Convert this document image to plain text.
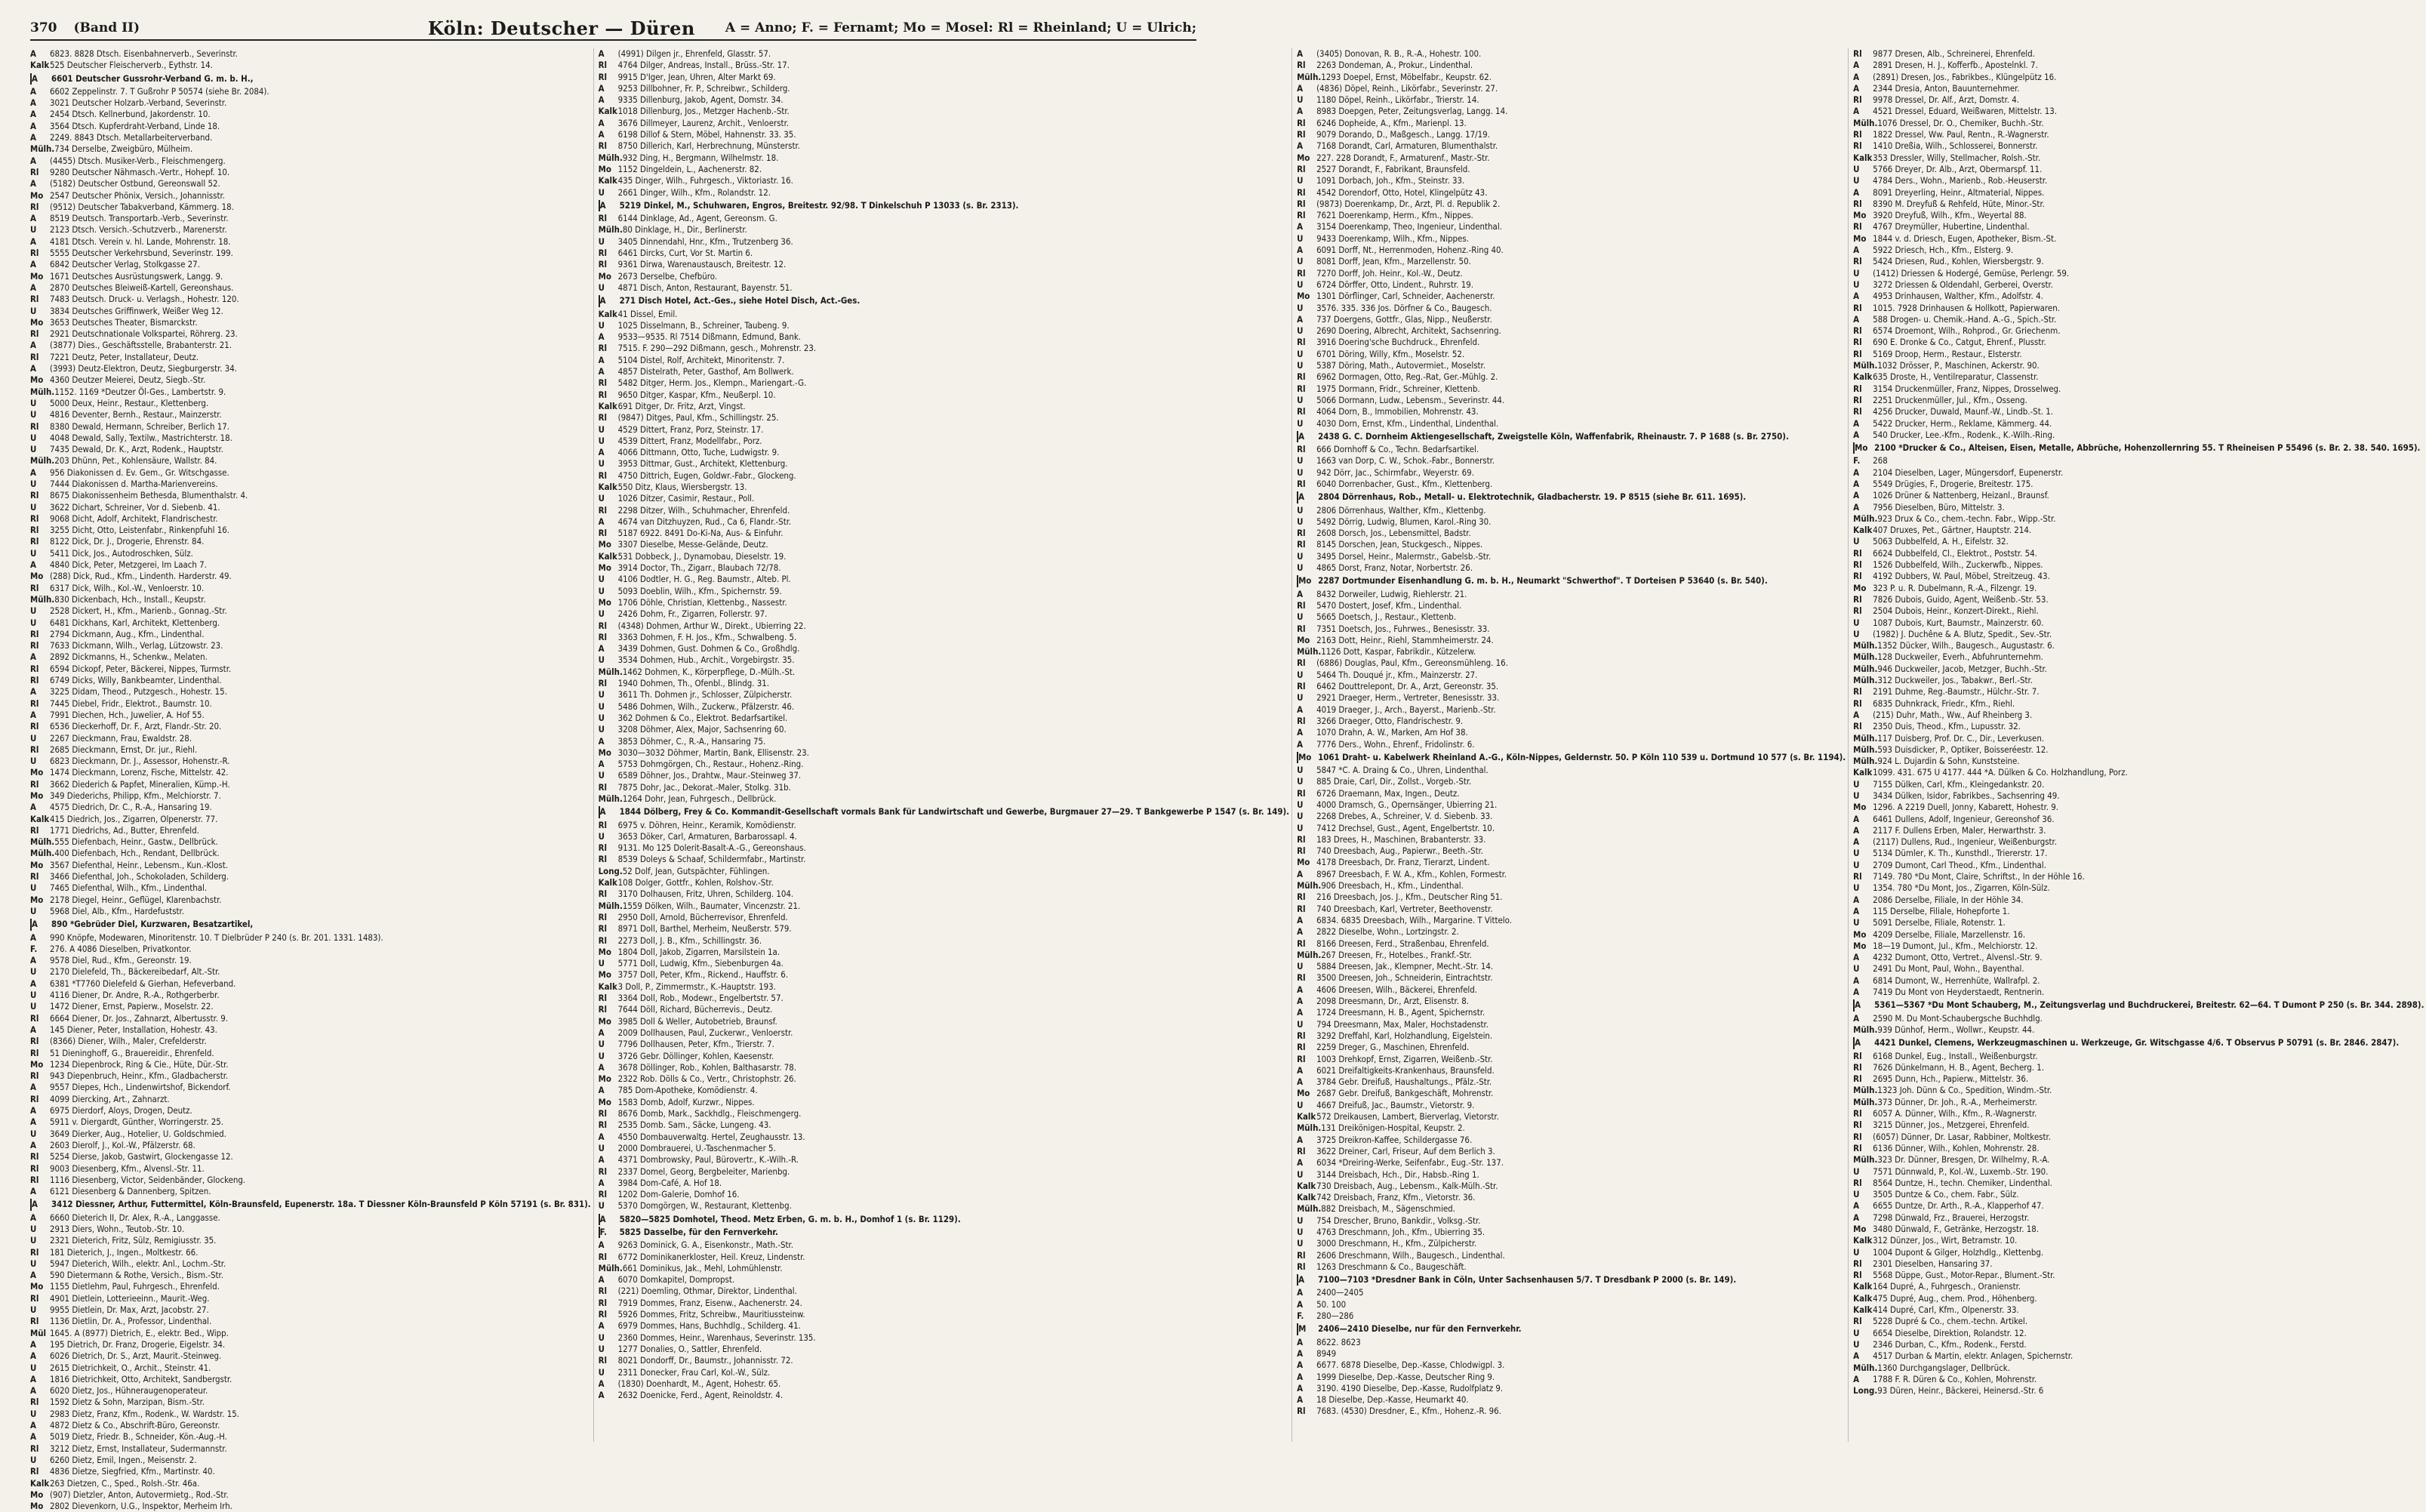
370 (Band II)	Köln: Deutscher — Düren A = Anno; F. = Fernamt; Mo = Mosel: Rl = Rheinland; U = Ulrich;
A	6823. 8828 Dtsch. Eisenbahnerverb., Severinstr.
Kalk 525 Deutscher Fleischerverb., Eythstr. 14.
A	6601 Deutscher Gussrohr-Verband G. m. b. H.,
A	6602 Zeppelinstr. 7. T Gußrohr P 50574 (siehe Br. 2084).
A	3021 Deutscher Holzarb.-Verband, Severinstr.
A	2454 Dtsch. Kellnerbund, Jakordenstr. 10.
A	3564 Dtsch. Kupferdraht-Verband, Linde 18.
A	2249. 8843 Dtsch. Metallarbeiterverband.
Mülh. 734 Derselbe, Zweigbüro, Mülheim.
A	(4455) Dtsch. Musiker-Verb., Fleischmengerg.
Rl	9280 Deutscher Nähmasch.-Vertr., Hohepf. 10.
A	(5182) Deutscher Ostbund, Gereonswall 52.
Mo 2547 Deutscher Phönix, Versich., Johannisstr.
Rl	(9512) Deutscher Tabakverband, Kämmerg. 18.
A	8519 Deutsch. Transportarb.-Verb., Severinstr.
U	2123 Dtsch. Versich.-Schutzverb., Marenerstr.
A	4181 Dtsch. Verein v. hl. Lande, Mohrenstr. 18.
Rl	5555 Deutscher Verkehrsbund, Severinstr. 199.
A	6842 Deutscher Verlag, Stolkgasse 27.
Mo 1671 Deutsches Ausrüstungswerk, Langg. 9.
A	2870 Deutsches Bleiweiß-Kartell, Gereonshaus.
Rl	7483 Deutsch. Druck- u. Verlagsh., Hohestr. 120.
U	3834 Deutsches Griffinwerk, Weißer Weg 12.
Mo 3653 Deutsches Theater, Bismarckstr.
Rl	2921 Deutschnationale Volkspartei, Röhrerg. 23.
A	(3877) Dies., Geschäftsstelle, Brabanterstr. 21.
Rl	7221 Deutz, Peter, Installateur, Deutz.
A	(3993) Deutz-Elektron, Deutz, Siegburgerstr. 34.
Mo 4360 Deutzer Meierei, Deutz, Siegb.-Str.
Mülh. 1152. 1169 *Deutzer Öl-Ges., Lambertstr. 9.
U	5000 Deux, Heinr., Restaur., Klettenberg.
U	4816 Deventer, Bernh., Restaur., Mainzerstr.
Rl	8380 Dewald, Hermann, Schreiber, Berlich 17.
U	4048 Dewald, Sally, Textilw., Mastrichterstr. 18.
U	7435 Dewald, Dr. K., Arzt, Rodenk., Hauptstr.
Mülh. 203 Dhünn, Pet., Kohlensäure, Wallstr. 84.
A	956 Diakonissen d. Ev. Gem., Gr. Witschgasse.
U	7444 Diakonissen d. Martha-Marienvereins.
Rl	8675 Diakonissenheim Bethesda, Blumenthalstr. 4.
U	3622 Dichart, Schreiner, Vor d. Siebenb. 41.
Rl	9068 Dicht, Adolf, Architekt, Flandrischestr.
Rl	3255 Dicht, Otto, Leistenfabr., Rinkenpfuhl 16.
Rl	8122 Dick, Dr. J., Drogerie, Ehrenstr. 84.
U	5411 Dick, Jos., Autodroschken, Sülz.
A	4840 Dick, Peter, Metzgerei, Im Laach 7.
Mo (288) Dick, Rud., Kfm., Lindenth. Harderstr. 49.
Rl	6317 Dick, Wilh., Kol.-W., Venloerstr. 10.
Mülh. 830 Dickenbach, Hch., Install., Keupstr.
U	2528 Dickert, H., Kfm., Marienb., Gonnag.-Str.
U	6481 Dickhans, Karl, Architekt, Klettenberg.
Rl	2794 Dickmann, Aug., Kfm., Lindenthal.
Rl	7633 Dickmann, Wilh., Verlag, Lützowstr. 23.
A	2892 Dickmanns, H., Schenkw., Melaten.
Rl	6594 Dickopf, Peter, Bäckerei, Nippes, Turmstr.
Rl	6749 Dicks, Willy, Bankbeamter, Lindenthal.
A	3225 Didam, Theod., Putzgesch., Hohestr. 15.
Rl	7445 Diebel, Fridr., Elektrot., Baumstr. 10.
A	7991 Diechen, Hch., Juwelier, A. Hof 55.
Rl	6536 Dieckerhoff, Dr. F., Arzt, Flandr.-Str. 20.
U	2267 Dieckmann, Frau, Ewaldstr. 28.
Rl	2685 Dieckmann, Ernst, Dr. jur., Riehl.
U	6823 Dieckmann, Dr. J., Assessor, Hohenstr.-R.
Mo 1474 Dieckmann, Lorenz, Fische, Mittelstr. 42.
Rl	3662 Diederich & Papfet, Mineralien, Kümp.-H.
Mo 349 Diederichs, Philipp, Kfm., Melchiorstr. 7.
A	4575 Diedrich, Dr. C., R.-A., Hansaring 19.
Kalk 415 Diedrich, Jos., Zigarren, Olpenerstr. 77.
Rl	1771 Diedrichs, Ad., Butter, Ehrenfeld.
Mülh. 555 Diefenbach, Heinr., Gastw., Dellbrück.
Mülh. 400 Diefenbach, Hch., Rendant, Dellbrück.
Mo 3567 Diefenthal, Heinr., Lebensm., Kun.-Klost.
Rl	3466 Diefenthal, Joh., Schokoladen, Schilderg.
U	7465 Diefenthal, Wilh., Kfm., Lindenthal.
Mo 2178 Diegel, Heinr., Geflügel, Klarenbachstr.
U	5968 Diel, Alb., Kfm., Hardefuststr.
A	890 *Gebrüder Diel, Kurzwaren, Besatzartikel,
A	990 Knöpfe, Modewaren, Minoritenstr. 10. T Dielbrüder P 240 (s. Br. 201. 1331. 1483).
F.	276. A 4086 Dieselben, Privatkontor.
A	9578 Diel, Rud., Kfm., Gereonstr. 19.
U	2170 Dielefeld, Th., Bäckereibedarf, Alt.-Str.
A	6381 *T7760 Dielefeld & Gierhan, Hefeverband.
U	4116 Diener, Dr. Andre, R.-A., Rothgerberbr.
U	1472 Diener, Ernst, Papierw., Moselstr. 22.
Rl	6664 Diener, Dr. Jos., Zahnarzt, Albertusstr. 9.
A	145 Diener, Peter, Installation, Hohestr. 43.
Rl	(8366) Diener, Wilh., Maler, Crefelderstr.
Rl	51 Dieninghoff, G., Brauereidir., Ehrenfeld.
Mo 1234 Diepenbrock, Ring & Cie., Hüte, Dür.-Str.
Rl	943 Diepenbruch, Heinr., Kfm., Gladbacherstr.
A	9557 Diepes, Hch., Lindenwirtshof, Bickendorf.
Rl	4099 Diercking, Art., Zahnarzt.
A	6975 Dierdorf, Aloys, Drogen, Deutz.
A	5911 v. Diergardt, Günther, Worringerstr. 25.
U	3649 Dierker, Aug., Hotelier, U. Goldschmied.
A	2603 Dierolf, J., Kol.-W., Pfälzerstr. 68.
Rl	5254 Dierse, Jakob, Gastwirt, Glockengasse 12.
Rl	9003 Diesenberg, Kfm., Alvensl.-Str. 11.
Rl	1116 Diesenberg, Victor, Seidenbänder, Glockeng.
A	6121 Diesenberg & Dannenberg, Spitzen.
A	3412 Diessner, Arthur, Futtermittel, Köln-Braunsfeld, Eupenerstr. 18a. T Diessner Köln-Braunsfeld P Köln 57191 (s. Br. 831).
A	6660 Dieterich II, Dr. Alex, R.-A., Langgasse.
U	2913 Diers, Wohn., Teutob.-Str. 10.
U	2321 Dieterich, Fritz, Sülz, Remigiusstr. 35.
Rl	181 Dieterich, J., Ingen., Moltkestr. 66.
U	5947 Dieterich, Wilh., elektr. Anl., Lochm.-Str.
A	590 Dietermann & Rothe, Versich., Bism.-Str.
Mo 1155 Dietlehm, Paul, Fuhrgesch., Ehrenfeld.
Rl	4901 Dietlein, Lotterieeinn., Maurit.-Weg.
U	9955 Dietlein, Dr. Max, Arzt, Jacobstr. 27.
Rl	1136 Dietlin, Dr. A., Professor, Lindenthal.
Mül 1645. A (8977) Dietrich, E., elektr. Bed., Wipp.
A	195 Dietrich, Dr. Franz, Drogerie, Eigelstr. 34.
A	6026 Dietrich, Dr. S., Arzt, Maurit.-Steinweg.
U	2615 Dietrichkeit, O., Archit., Steinstr. 41.
A	1816 Dietrichkeit, Otto, Architekt, Sandbergstr.
A	6020 Dietz, Jos., Hühneraugenoperateur.
Rl	1592 Dietz & Sohn, Marzipan, Bism.-Str.
U	2983 Dietz, Franz, Kfm., Rodenk., W. Wardstr. 15.
A	4872 Dietz & Co., Abschrift-Büro, Gereonstr.
A	5019 Dietz, Friedr. B., Schneider, Kön.-Aug.-H.
Rl	3212 Dietz, Ernst, Installateur, Sudermannstr.
U	6260 Dietz, Emil, Ingen., Meisenstr. 2.
Rl	4836 Dietze, Siegfried, Kfm., Martinstr. 40.
Kalk 263 Dietzen, C., Sped., Rolsh.-Str. 46a.
Mo (907) Dietzler, Anton, Autovermietg., Rod.-Str.
Mo 2802 Dievenkorn, U.G., Inspektor, Merheim Irh.
A	(4991) Dilgen jr., Ehrenfeld, Glasstr. 57.
Rl	4764 Dilger, Andreas, Install., Brüss.-Str. 17.
Rl	9915 D'Iger, Jean, Uhren, Alter Markt 69.
A	9253 Dillbohner, Fr. P., Schreibwr., Schilderg.
A	9335 Dillenburg, Jakob, Agent, Domstr. 34.
Kalk 1018 Dillenburg, Jos., Metzger Hachenb.-Str.
A	3676 Dillmeyer, Laurenz, Archit., Venloerstr.
A	6198 Dillof & Stern, Möbel, Hahnenstr. 33. 35.
Rl	8750 Dillerich, Karl, Herbrechnung, Münsterstr.
Mülh. 932 Ding, H., Bergmann, Wilhelmstr. 18.
Mo 1152 Dingeldein, L., Aachenerstr. 82.
Kalk 435 Dinger, Wilh., Fuhrgesch., Viktoriastr. 16.
U	2661 Dinger, Wilh., Kfm., Rolandstr. 12.
A	5219 Dinkel, M., Schuhwaren, Engros, Breitestr. 92/98. T Dinkelschuh P 13033 (s. Br. 2313).
Rl	6144 Dinklage, Ad., Agent, Gereonsm. G.
Mülh. 80 Dinklage, H., Dir., Berlinerstr.
U	3405 Dinnendahl, Hnr., Kfm., Trutzenberg 36.
Rl	6461 Dircks, Curt, Vor St. Martin 6.
Rl	9361 Dirwa, Warenaustausch, Breitestr. 12.
Mo 2673 Derselbe, Chefbüro.
U	4871 Disch, Anton, Restaurant, Bayenstr. 51.
A	271 Disch Hotel, Act.-Ges., siehe Hotel Disch, Act.-Ges.
Kalk 41 Dissel, Emil.
U	1025 Disselmann, B., Schreiner, Taubeng. 9.
A	9533—9535. Rl 7514 Dißmann, Edmund, Bank.
Rl	7515. F. 290—292 Dißmann, gesch., Mohrenstr. 23.
A	5104 Distel, Rolf, Architekt, Minoritenstr. 7.
A	4857 Distelrath, Peter, Gasthof, Am Bollwerk.
Rl	5482 Ditger, Herm. Jos., Klempn., Mariengart.-G.
Rl	9650 Ditger, Kaspar, Kfm., Neußerpl. 10.
Kalk 691 Ditger, Dr. Fritz, Arzt, Vingst.
Rl	(9847) Ditges, Paul, Kfm., Schillingstr. 25.
U	4529 Dittert, Franz, Porz, Steinstr. 17.
U	4539 Dittert, Franz, Modellfabr., Porz.
A	4066 Dittmann, Otto, Tuche, Ludwigstr. 9.
U	3953 Dittmar, Gust., Architekt, Klettenburg.
Rl	4750 Dittrich, Eugen, Goldwr.-Fabr., Glockeng.
Kalk 550 Ditz, Klaus, Wiersbergstr. 13.
U	1026 Ditzer, Casimir, Restaur., Poll.
Rl	2298 Ditzer, Wilh., Schuhmacher, Ehrenfeld.
A	4674 van Ditzhuyzen, Rud., Ca 6, Flandr.-Str.
Rl	5187 6922. 8491 Do-Ki-Na, Aus- & Einfuhr.
Mo 3307 Dieselbe, Messe-Gelände, Deutz.
Kalk 531 Dobbeck, J., Dynamobau, Dieselstr. 19.
Mo 3914 Doctor, Th., Zigarr., Blaubach 72/78.
U	4106 Dodtler, H. G., Reg. Baumstr., Alteb. Pl.
U	5093 Doeblin, Wilh., Kfm., Spichernstr. 59.
Mo 1706 Döhle, Christian, Klettenbg., Nassestr.
U	2426 Dohm, Fr., Zigarren, Follerstr. 97.
Rl	(4348) Dohmen, Arthur W., Direkt., Ubierring 22.
Rl	3363 Dohmen, F. H. Jos., Kfm., Schwalbeng. 5.
A	3439 Dohmen, Gust. Dohmen & Co., Großhdlg.
U	3534 Dohmen, Hub., Archit., Vorgebirgstr. 35.
Mülh. 1462 Dohmen, K., Körperpflege, D.-Mülh.-St.
Rl	1940 Dohmen, Th., Ofenbl., Blindg. 31.
U	3611 Th. Dohmen jr., Schlosser, Zülpicherstr.
U	5486 Dohmen, Wilh., Zuckerw., Pfälzerstr. 46.
U	362 Dohmen & Co., Elektrot. Bedarfsartikel.
U	3208 Döhmer, Alex, Major, Sachsenring 60.
A	3853 Döhmer, C., R.-A., Hansaring 75.
Mo 3030—3032 Döhmer, Martin, Bank, Ellisenstr. 23.
A	5753 Dohmgörgen, Ch., Restaur., Hohenz.-Ring.
U	6589 Döhner, Jos., Drahtw., Maur.-Steinweg 37.
Rl	7875 Dohr, Jac., Dekorat.-Maler, Stolkg. 31b.
Mülh. 1264 Dohr, Jean, Fuhrgesch., Dellbrück.
A	1844 Dölberg, Frey & Co. Kommandit-Gesellschaft vormals Bank für Landwirtschaft und Gewerbe, Burgmauer 27—29. T Bankgewerbe P 1547 (s. Br. 149).
Rl	6975 v. Döhren, Heinr., Keramik, Komödienstr.
U	3653 Döker, Carl, Armaturen, Barbarossapl. 4.
Rl	9131. Mo 125 Dolerit-Basalt-A.-G., Gereonshaus.
Rl	8539 Doleys & Schaaf, Schildermfabr., Martinstr.
Long. 52 Dolf, Jean, Gutspächter, Fühlingen.
Kalk 108 Dolger, Gottfr., Kohlen, Rolshov.-Str.
Rl	3170 Dolhausen, Fritz, Uhren, Schilderg. 104.
Mülh. 1559 Dölken, Wilh., Baumater, Vincenzstr. 21.
Rl	2950 Doll, Arnold, Bücherrevisor, Ehrenfeld.
Rl	8971 Doll, Barthel, Merheim, Neußerstr. 579.
Rl	2273 Doll, J. B., Kfm., Schillingstr. 36.
Mo 1804 Doll, Jakob, Zigarren, Marsilstein 1a.
U	5771 Doll, Ludwig, Kfm., Siebenburgen 4a.
Mo 3757 Doll, Peter, Kfm., Rickend., Hauffstr. 6.
Kalk 3 Doll, P., Zimmermstr., K.-Hauptstr. 193.
Rl	3364 Doll, Rob., Modewr., Engelbertstr. 57.
Rl	7644 Döll, Richard, Bücherrevis., Deutz.
Mo 3985 Doll & Weller, Autobetrieb, Braunsf.
A	2009 Dollhausen, Paul, Zuckerwr., Venloerstr.
U	7796 Dollhausen, Peter, Kfm., Trierstr. 7.
U	3726 Gebr. Döllinger, Kohlen, Kaesenstr.
A	3678 Döllinger, Rob., Kohlen, Balthasarstr. 78.
Mo 2322 Rob. Dölls & Co., Vertr., Christophstr. 26.
A	785 Dom-Apotheke, Komödienstr. 4.
Mo 1583 Domb, Adolf, Kurzwr., Nippes.
Rl	8676 Domb, Mark., Sackhdlg., Fleischmengerg.
Rl	2535 Domb. Sam., Säcke, Lungeng. 43.
A	4550 Dombauverwaltg. Hertel, Zeughausstr. 13.
U	2000 Dombrauerei, U.-Taschenmacher 5.
A	4371 Dombrowsky, Paul, Bürovertr., K.-Wilh.-R.
Rl	2337 Domel, Georg, Bergbeleiter, Marienbg.
A	3984 Dom-Café, A. Hof 18.
Rl	1202 Dom-Galerie, Domhof 16.
U	5370 Domgörgen, W., Restaurant, Klettenbg.
A	5820—5825 Domhotel, Theod. Metz Erben, G. m. b. H., Domhof 1 (s. Br. 1129).
F.	5825 Dasselbe, für den Fernverkehr.
A	9263 Dominick, G. A., Eisenkonstr., Math.-Str.
Rl	6772 Dominikanerkloster, Heil. Kreuz, Lindenstr.
Mülh. 661 Dominikus, Jak., Mehl, Lohmühlenstr.
A	6070 Domkapitel, Dompropst.
Rl	(221) Doemling, Othmar, Direktor, Lindenthal.
Rl	7919 Dommes, Franz, Eisenw., Aachenerstr. 24.
Rl	5926 Dommes, Fritz, Schreibw., Mauritiussteinw.
A	6979 Dommes, Hans, Buchhdlg., Schilderg. 41.
U	2360 Dommes, Heinr., Warenhaus, Severinstr. 135.
U	1277 Donalies, O., Sattler, Ehrenfeld.
Rl	8021 Dondorff, Dr., Baumstr., Johannisstr. 72.
U	2311 Donecker, Frau Carl, Kol.-W., Sülz.
A	(1830) Doenhardt, M., Agent, Hohestr. 65.
A	2632 Doenicke, Ferd., Agent, Reinoldstr. 4.
A	(3405) Donovan, R. B., R.-A., Hohestr. 100.
Rl	2263 Dondeman, A., Prokur., Lindenthal.
Mülh. 1293 Doepel, Ernst, Möbelfabr., Keupstr. 62.
A	(4836) Döpel, Reinh., Likörfabr., Severinstr. 27.
U	1180 Döpel, Reinh., Likörfabr., Trierstr. 14.
A	8983 Doepgen, Peter, Zeitungsverlag, Langg. 14.
Rl	6246 Dopheide, A., Kfm., Marienpl. 13.
Rl	9079 Dorando, D., Maßgesch., Langg. 17/19.
A	7168 Dorandt, Carl, Armaturen, Blumenthalstr.
Mo 227. 228 Dorandt, F., Armaturenf., Mastr.-Str.
Rl	2527 Dorandt, F., Fabrikant, Braunsfeld.
U	1091 Dorbach, Joh., Kfm., Steinstr. 33.
Rl	4542 Dorendorf, Otto, Hotel, Klingelpütz 43.
Rl	(9873) Doerenkamp, Dr., Arzt, Pl. d. Republik 2.
Rl	7621 Doerenkamp, Herm., Kfm., Nippes.
A	3154 Doerenkamp, Theo, Ingenieur, Lindenthal.
U	9433 Doerenkamp, Wilh., Kfm., Nippes.
A	6091 Dorff, Nt., Herrenmoden, Hohenz.-Ring 40.
U	8081 Dorff, Jean, Kfm., Marzellenstr. 50.
Rl	7270 Dorff, Joh. Heinr., Kol.-W., Deutz.
U	6724 Dörffer, Otto, Lindent., Ruhrstr. 19.
Mo 1301 Dörflinger, Carl, Schneider, Aachenerstr.
U	3576. 335. 336 Jos. Dörfner & Co., Baugesch.
A	737 Doergens, Gottfr., Glas, Nipp., Neußerstr.
U	2690 Doering, Albrecht, Architekt, Sachsenring.
Rl	3916 Doering'sche Buchdruck., Ehrenfeld.
U	6701 Döring, Willy, Kfm., Moselstr. 52.
U	5387 Döring, Math., Autovermiet., Moselstr.
Rl	6962 Dormagen, Otto, Reg.-Rat, Ger.-Mühlg. 2.
Rl	1975 Dormann, Fridr., Schreiner, Klettenb.
U	5066 Dormann, Ludw., Lebensm., Severinstr. 44.
Rl	4064 Dorn, B., Immobilien, Mohrenstr. 43.
U	4030 Dorn, Ernst, Kfm., Lindenthal, Lindenthal.
A	2438 G. C. Dornheim Aktiengesellschaft, Zweigstelle Köln, Waffenfabrik, Rheinaustr. 7. P 1688 (s. Br. 2750).
Rl	666 Dornhoff & Co., Techn. Bedarfsartikel.
U	1663 van Dorp, C. W., Schok.-Fabr., Bonnerstr.
U	942 Dörr, Jac., Schirmfabr., Weyerstr. 69.
Rl	6040 Dorrenbacher, Gust., Kfm., Klettenberg.
A	2804 Dörrenhaus, Rob., Metall- u. Elektrotechnik, Gladbacherstr. 19. P 8515 (siehe Br. 611. 1695).
U	2806 Dörrenhaus, Walther, Kfm., Klettenbg.
U	5492 Dörrig, Ludwig, Blumen, Karol.-Ring 30.
Rl	2608 Dorsch, Jos., Lebensmittel, Badstr.
Rl	8145 Dorschen, Jean, Stuckgesch., Nippes.
U	3495 Dorsel, Heinr., Malermstr., Gabelsb.-Str.
U	4865 Dorst, Franz, Notar, Norbertstr. 26.
Mo 2287 Dortmunder Eisenhandlung G. m. b. H., Neumarkt "Schwerthof". T Dorteisen P 53640 (s. Br. 540).
A	8432 Dorweiler, Ludwig, Riehlerstr. 21.
Rl	5470 Dostert, Josef, Kfm., Lindenthal.
U	5665 Doetsch, J., Restaur., Klettenb.
Rl	7351 Doetsch, Jos., Fuhrwes., Benesisstr. 33.
Mo 2163 Dott, Heinr., Riehl, Stammheimerstr. 24.
Mülh. 1126 Dott, Kaspar, Fabrikdir., Kützelerw.
Rl	(6886) Douglas, Paul, Kfm., Gereonsmühleng. 16.
U	5464 Th. Douqué jr., Kfm., Mainzerstr. 27.
Rl	6462 Douttrelepont, Dr. A., Arzt, Gereonstr. 35.
U	2921 Draeger, Herm., Vertreter, Benesisstr. 33.
A	4019 Draeger, J., Arch., Bayerst., Marienb.-Str.
Rl	3266 Draeger, Otto, Flandrischestr. 9.
A	1070 Drahn, A. W., Marken, Am Hof 38.
A	7776 Ders., Wohn., Ehrenf., Fridolinstr. 6.
Mo 1061 Draht- u. Kabelwerk Rheinland A.-G., Köln-Nippes, Geldernstr. 50. P Köln 110 539 u. Dortmund 10 577 (s. Br. 1194).
U	5847 *C. A. Draing & Co., Uhren, Lindenthal.
U	885 Draie, Carl, Dir., Zollst., Vorgeb.-Str.
Rl	6726 Draemann, Max, Ingen., Deutz.
U	4000 Dramsch, G., Opernsänger, Ubierring 21.
U	2268 Drebes, A., Schreiner, V. d. Siebenb. 33.
U	7412 Drechsel, Gust., Agent, Engelbertstr. 10.
Rl	183 Drees, H., Maschinen, Brabanterstr. 33.
Rl	740 Dreesbach, Aug., Papierwr., Beeth.-Str.
Mo 4178 Dreesbach, Dr. Franz, Tierarzt, Lindent.
A	8967 Dreesbach, F. W. A., Kfm., Kohlen, Formestr.
Mülh. 906 Dreesbach, H., Kfm., Lindenthal.
Rl	216 Dreesbach, Jos. J., Kfm., Deutscher Ring 51.
Rl	740 Dreesbach, Karl, Vertreter, Beethovenstr.
A	6834. 6835 Dreesbach, Wilh., Margarine. T Vittelo.
A	2822 Dieselbe, Wohn., Lortzingstr. 2.
Rl	8166 Dreesen, Ferd., Straßenbau, Ehrenfeld.
Mülh. 267 Dreesen, Fr., Hotelbes., Frankf.-Str.
U	5884 Dreesen, Jak., Klempner, Mecht.-Str. 14.
Rl	3500 Dreesen, Joh., Schneiderin, Eintrachtstr.
A	4606 Dreesen, Wilh., Bäckerei, Ehrenfeld.
A	2098 Dreesmann, Dr., Arzt, Elisenstr. 8.
A	1724 Dreesmann, H. B., Agent, Spichernstr.
U	794 Dreesmann, Max, Maler, Hochstadenstr.
Rl	3292 Dreffahl, Karl, Holzhandlung, Eigelstein.
Rl	2259 Dreger, G., Maschinen, Ehrenfeld.
Rl	1003 Drehkopf, Ernst, Zigarren, Weißenb.-Str.
A	6021 Dreifaltigkeits-Krankenhaus, Braunsfeld.
A	3784 Gebr. Dreifuß, Haushaltungs., Pfälz.-Str.
Mo 2687 Gebr. Dreifuß, Bankgeschäft, Mohrenstr.
U	4667 Dreifuß, Jac., Baumstr., Vietorstr. 9.
Kalk 572 Dreikausen, Lambert, Bierverlag, Vietorstr.
Mülh. 131 Dreikönigen-Hospital, Keupstr. 2.
A	3725 Dreikron-Kaffee, Schildergasse 76.
Rl	3622 Dreiner, Carl, Friseur, Auf dem Berlich 3.
A	6034 *Dreiring-Werke, Seifenfabr., Eug.-Str. 137.
U	3144 Dreisbach, Hch., Dir., Habsb.-Ring 1.
Kalk 730 Dreisbach, Aug., Lebensm., Kalk-Mülh.-Str.
Kalk 742 Dreisbach, Franz, Kfm., Vietorstr. 36.
Mülh. 882 Dreisbach, M., Sägenschmied.
U	754 Drescher, Bruno, Bankdir., Volksg.-Str.
U	4763 Dreschmann, Joh., Kfm., Ubierring 35.
U	3000 Dreschmann, H., Kfm., Zülpicherstr.
Rl	2606 Dreschmann, Wilh., Baugesch., Lindenthal.
Rl	1263 Dreschmann & Co., Baugeschäft.
A	7100—7103 *Dresdner Bank in Cöln, Unter Sachsenhausen 5/7. T Dresdbank P 2000 (s. Br. 149).
A	2400—2405
A	50. 100
F.	280—286
M	2406—2410 Dieselbe, nur für den Fernverkehr.
A	8622. 8623
A	8949
A	6677. 6878 Dieselbe, Dep.-Kasse, Chlodwigpl. 3.
A	1999 Dieselbe, Dep.-Kasse, Deutscher Ring 9.
A	3190. 4190 Dieselbe, Dep.-Kasse, Rudolfplatz 9.
A	18 Dieselbe, Dep.-Kasse, Heumarkt 40.
Rl	7683. (4530) Dresdner, E., Kfm., Hohenz.-R. 96.
Rl	9877 Dresen, Alb., Schreinerei, Ehrenfeld.
A	2891 Dresen, H. J., Kofferfb., Apostelnkl. 7.
A	(2891) Dresen, Jos., Fabrikbes., Klüngelpütz 16.
A	2344 Dresia, Anton, Bauunternehmer.
Rl	9978 Dressel, Dr. Alf., Arzt, Domstr. 4.
A	4521 Dressel, Eduard, Weißwaren, Mittelstr. 13.
Mülh. 1076 Dressel, Dr. O., Chemiker, Buchh.-Str.
Rl	1822 Dressel, Ww. Paul, Rentn., R.-Wagnerstr.
Rl	1410 Dreßia, Wilh., Schlosserei, Bonnerstr.
Kalk 353 Dressler, Willy, Stellmacher, Rolsh.-Str.
U	5766 Dreyer, Dr. Alb., Arzt, Obermarspf. 11.
U	4784 Ders., Wohn., Marienb., Rob.-Heuserstr.
A	8091 Dreyerling, Heinr., Altmaterial, Nippes.
Rl	8390 M. Dreyfuß & Rehfeld, Hüte, Minor.-Str.
Mo 3920 Dreyfuß, Wilh., Kfm., Weyertal 88.
Rl	4767 Dreymüller, Hubertine, Lindenthal.
Mo 1844 v. d. Driesch, Eugen, Apotheker, Bism.-St.
A	5922 Driesch, Hch., Kfm., Elsterg. 9.
Rl	5424 Driesen, Rud., Kohlen, Wiersbergstr. 9.
U	(1412) Driessen & Hodergé, Gemüse, Perlengr. 59.
U	3272 Driessen & Oldendahl, Gerberei, Overstr.
A	4953 Drinhausen, Walther, Kfm., Adolfstr. 4.
Rl	1015. 7928 Drinhausen & Hollkott, Papierwaren.
A	588 Drogen- u. Chemik.-Hand. A.-G., Spich.-Str.
Rl	6574 Droemont, Wilh., Rohprod., Gr. Griechenm.
Rl	690 E. Dronke & Co., Catgut, Ehrenf., Plusstr.
Rl	5169 Droop, Herm., Restaur., Elsterstr.
Mülh. 1032 Drösser, P., Maschinen, Ackerstr. 90.
Kalk 635 Droste, H., Ventilreparatur, Classenstr.
Rl	3154 Druckenmüller, Franz, Nippes, Drosselweg.
Rl	2251 Druckenmüller, Jul., Kfm., Osseng.
Rl	4256 Drucker, Duwald, Maunf.-W., Lindb.-St. 1.
A	5422 Drucker, Herm., Reklame, Kämmerg. 44.
A	540 Drucker, Lee.-Kfm., Rodenk., K.-Wilh.-Ring.
Mo 2100 *Drucker & Co., Alteisen, Eisen, Metalle, Abbrüche, Hohenzollernring 55. T Rheineisen P 55496 (s. Br. 2. 38. 540. 1695).
F.	268
A	2104 Dieselben, Lager, Müngersdorf, Eupenerstr.
A	5549 Drügies, F., Drogerie, Breitestr. 175.
A	1026 Drüner & Nattenberg, Heizanl., Braunsf.
A	7956 Dieselben, Büro, Mittelstr. 3.
Mülh. 923 Drux & Co., chem.-techn. Fabr., Wipp.-Str.
Kalk 407 Druxes, Pet., Gärtner, Hauptstr. 214.
U	5063 Dubbelfeld, A. H., Eifelstr. 32.
Rl	6624 Dubbelfeld, Cl., Elektrot., Poststr. 54.
Rl	1526 Dubbelfeld, Wilh., Zuckerwfb., Nippes.
Rl	4192 Dubbers, W. Paul, Möbel, Streitzeug. 43.
Mo 323 P. u. R. Dubelmann, R.-A., Filzengr. 19.
Rl	7826 Dubois, Guido, Agent, Weißenb.-Str. 53.
Rl	2504 Dubois, Heinr., Konzert-Direkt., Riehl.
U	1087 Dubois, Kurt, Baumstr., Mainzerstr. 60.
U	(1982) J. Duchêne & A. Blutz, Spedit., Sev.-Str.
Mülh. 1352 Dücker, Wilh., Baugesch., Augustastr. 6.
Mülh. 128 Duckweiler, Everh., Abfuhrunternehm.
Mülh. 946 Duckweiler, Jacob, Metzger, Buchh.-Str.
Mülh. 312 Duckweiler, Jos., Tabakwr., Berl.-Str.
Rl	2191 Duhme, Reg.-Baumstr., Hülchr.-Str. 7.
Rl	6835 Duhnkrack, Friedr., Kfm., Riehl.
A	(215) Duhr, Math., Ww., Auf Rheinberg 3.
Rl	2350 Duis, Theod., Kfm., Lupusstr. 32.
Mülh. 117 Duisberg, Prof. Dr. C., Dir., Leverkusen.
Mülh. 593 Duisdicker, P., Optiker, Boisseréestr. 12.
Mülh. 924 L. Dujardin & Sohn, Kunststeine.
Kalk 1099. 431. 675 U 4177. 444 *A. Dülken & Co. Holzhandlung, Porz.
U	7155 Dülken, Carl, Kfm., Kleingedankstr. 20.
U	3434 Dülken, Isidor, Fabrikbes., Sachsenring 49.
Mo 1296. A 2219 Duell, Jonny, Kabarett, Hohestr. 9.
A	6461 Dullens, Adolf, Ingenieur, Gereonshof 36.
A	2117 F. Dullens Erben, Maler, Herwarthstr. 3.
A	(2117) Dullens, Rud., Ingenieur, Weißenburgstr.
U	5134 Dümler, K. Th., Kunsthdl., Triererstr. 17.
U	2709 Dumont, Carl Theod., Kfm., Lindenthal.
Rl	7149. 780 *Du Mont, Claire, Schriftst., In der Höhle 16.
U	1354. 780 *Du Mont, Jos., Zigarren, Köln-Sülz.
A	2086 Derselbe, Filiale, In der Höhle 34.
A	115 Derselbe, Filiale, Hohepforte 1.
U	5091 Derselbe, Filiale, Rotenstr. 1.
Mo 4209 Derselbe, Filiale, Marzellenstr. 16.
Mo 18—19 Dumont, Jul., Kfm., Melchiorstr. 12.
A	4232 Dumont, Otto, Vertret., Alvensl.-Str. 9.
U	2491 Du Mont, Paul, Wohn., Bayenthal.
A	6814 Dumont, W., Herrenhüte, Wallrafpl. 2.
A	7419 Du Mont von Heyderstaedt, Rentnerin.
A	5361—5367 *Du Mont Schauberg, M., Zeitungsverlag und Buchdruckerei, Breitestr. 62—64. T Dumont P 250 (s. Br. 344. 2898).
A	2590 M. Du Mont-Schaubergsche Buchhdlg.
Mülh. 939 Dünhof, Herm., Wollwr., Keupstr. 44.
A	4421 Dunkel, Clemens, Werkzeugmaschinen u. Werkzeuge, Gr. Witschgasse 4/6. T Observus P 50791 (s. Br. 2846. 2847).
Rl	6168 Dunkel, Eug., Install., Weißenburgstr.
Rl	7626 Dünkelmann, H. B., Agent, Becherg. 1.
Rl	2695 Dunn, Hch., Papierw., Mittelstr. 36.
Mülh. 1323 Joh. Dünn & Co., Spedition, Windm.-Str.
Mülh. 373 Dünner, Dr. Joh., R.-A., Merheimerstr.
Rl	6057 A. Dünner, Wilh., Kfm., R.-Wagnerstr.
Rl	3215 Dünner, Jos., Metzgerei, Ehrenfeld.
Rl	(6057) Dünner, Dr. Lasar, Rabbiner, Moltkestr.
Rl	6136 Dünner, Wilh., Kohlen, Mohrenstr. 28.
Mülh. 323 Dr. Dünner, Bresgen, Dr. Wilhelmy, R.-A.
U	7571 Dünnwald, P., Kol.-W., Luxemb.-Str. 190.
Rl	8564 Duntze, H., techn. Chemiker, Lindenthal.
U	3505 Duntze & Co., chem. Fabr., Sülz.
A	6655 Duntze, Dr. Arth., R.-A., Klapperhof 47.
A	7298 Dünwald, Frz., Brauerei, Herzogstr.
Mo 3480 Dünwald, F., Getränke, Herzogstr. 18.
Kalk 312 Dünzer, Jos., Wirt, Betramstr. 10.
U	1004 Dupont & Gilger, Holzhdlg., Klettenbg.
Rl	2301 Dieselben, Hansaring 37.
Rl	5568 Düppe, Gust., Motor-Repar., Blument.-Str.
Kalk 164 Dupré, A., Fuhrgesch., Oranienstr.
Kalk 475 Dupré, Aug., chem. Prod., Höhenberg.
Kalk 414 Dupré, Carl, Kfm., Olpenerstr. 33.
Rl	5228 Dupré & Co., chem.-techn. Artikel.
U	6654 Dieselbe, Direktion, Rolandstr. 12.
U	2346 Durban, C., Kfm., Rodenk., Ferstd.
A	4517 Durban & Martin, elektr. Anlagen, Spichernstr.
Mülh. 1360 Durchgangslager, Dellbrück.
A	1788 F. R. Düren & Co., Kohlen, Mohrenstr.
Long. 93 Düren, Heinr., Bäckerei, Heinersd.-Str. 6
